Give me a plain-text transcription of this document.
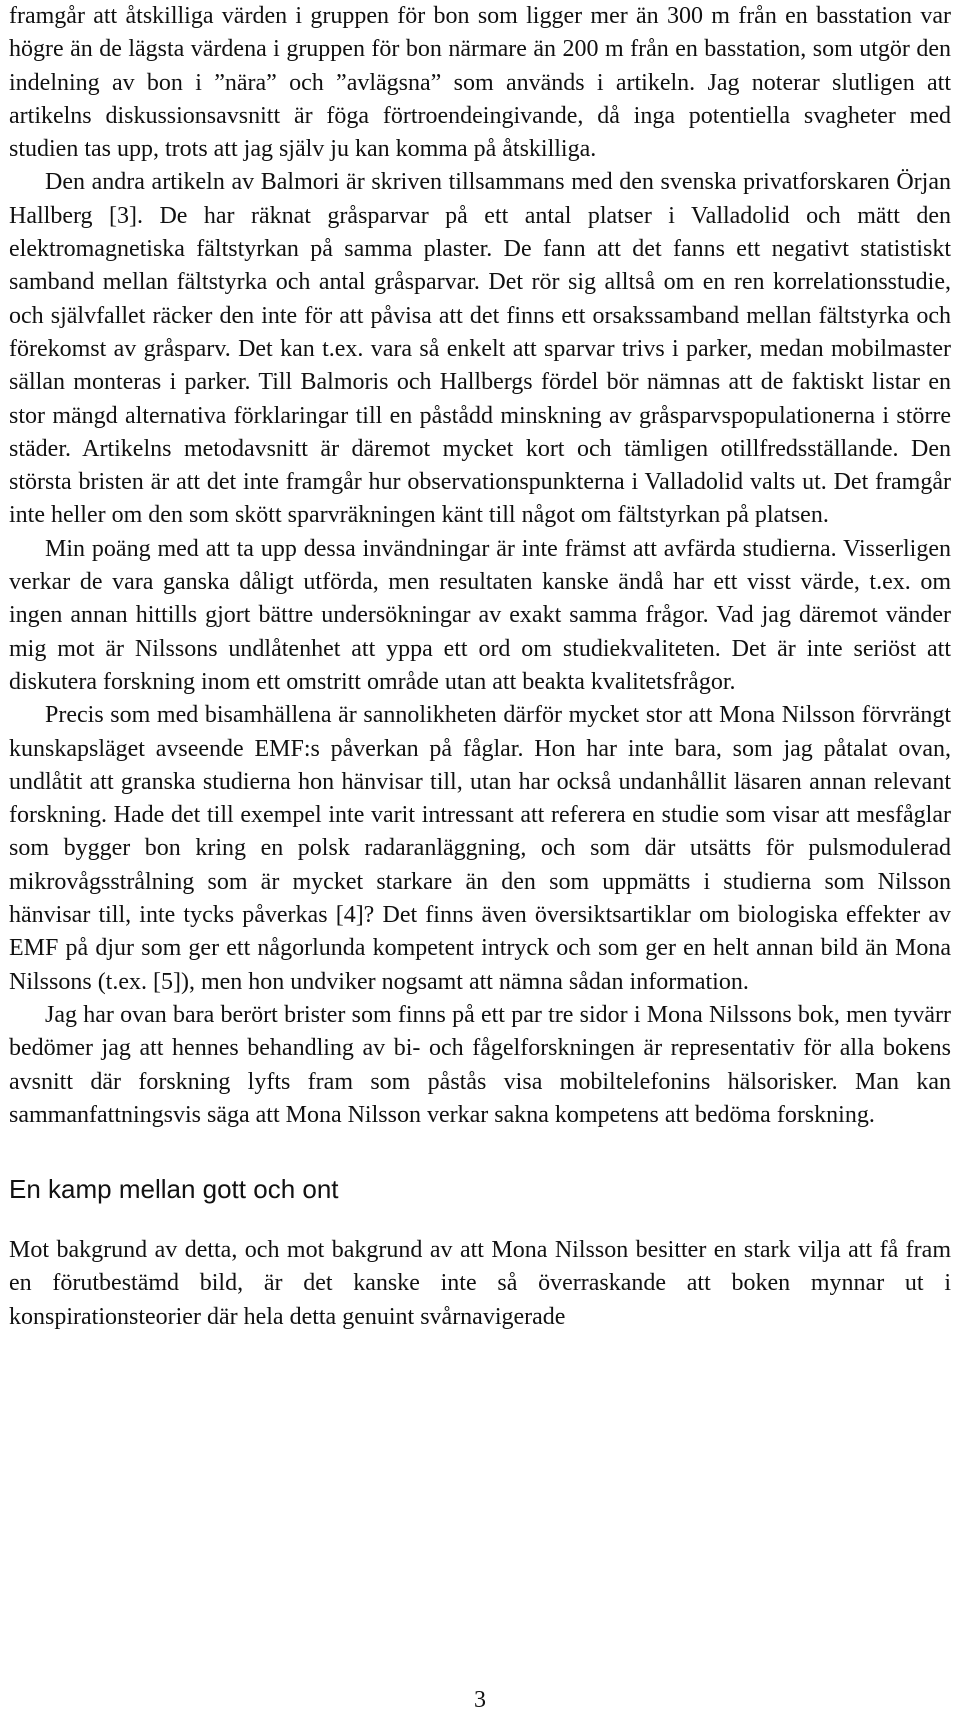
framgår att åtskilliga värden i gruppen för bon som ligger mer än 300 m från en basstation var högre än de lägsta värdena i gruppen för bon närmare än 200 m från en basstation, som utgör den indelning av bon i ”nära” och ”avlägsna” som används i artikeln. Jag noterar slutligen att artikelns diskussionsavsnitt är föga förtroendeingivande, då inga potentiella svagheter med studien tas upp, trots att jag själv ju kan komma på åtskilliga.

Den andra artikeln av Balmori är skriven tillsammans med den svenska privatforskaren Örjan Hallberg [3]. De har räknat gråsparvar på ett antal platser i Valladolid och mätt den elektromagnetiska fältstyrkan på samma plaster. De fann att det fanns ett negativt statistiskt samband mellan fältstyrka och antal gråsparvar. Det rör sig alltså om en ren korrelationsstudie, och självfallet räcker den inte för att påvisa att det finns ett orsakssamband mellan fältstyrka och förekomst av gråsparv. Det kan t.ex. vara så enkelt att sparvar trivs i parker, medan mobilmaster sällan monteras i parker. Till Balmoris och Hallbergs fördel bör nämnas att de faktiskt listar en stor mängd alternativa förklaringar till en påstådd minskning av gråsparvspopulationerna i större städer. Artikelns metodavsnitt är däremot mycket kort och tämligen otillfredsställande. Den största bristen är att det inte framgår hur observationspunkterna i Valladolid valts ut. Det framgår inte heller om den som skött sparvräkningen känt till något om fältstyrkan på platsen.

Min poäng med att ta upp dessa invändningar är inte främst att avfärda studierna. Visserligen verkar de vara ganska dåligt utförda, men resultaten kanske ändå har ett visst värde, t.ex. om ingen annan hittills gjort bättre undersökningar av exakt samma frågor. Vad jag däremot vänder mig mot är Nilssons undlåtenhet att yppa ett ord om studiekvaliteten. Det är inte seriöst att diskutera forskning inom ett omstritt område utan att beakta kvalitetsfrågor.

Precis som med bisamhällena är sannolikheten därför mycket stor att Mona Nilsson förvrängt kunskapsläget avseende EMF:s påverkan på fåglar. Hon har inte bara, som jag påtalat ovan, undlåtit att granska studierna hon hänvisar till, utan har också undanhållit läsaren annan relevant forskning. Hade det till exempel inte varit intressant att referera en studie som visar att mesfåglar som bygger bon kring en polsk radaranläggning, och som där utsätts för pulsmodulerad mikrovågsstrålning som är mycket starkare än den som uppmätts i studierna som Nilsson hänvisar till, inte tycks påverkas [4]? Det finns även översiktsartiklar om biologiska effekter av EMF på djur som ger ett någorlunda kompetent intryck och som ger en helt annan bild än Mona Nilssons (t.ex. [5]), men hon undviker nogsamt att nämna sådan information.

Jag har ovan bara berört brister som finns på ett par tre sidor i Mona Nilssons bok, men tyvärr bedömer jag att hennes behandling av bi- och fågelforskningen är representativ för alla bokens avsnitt där forskning lyfts fram som påstås visa mobiltelefonins hälsorisker. Man kan sammanfattningsvis säga att Mona Nilsson verkar sakna kompetens att bedöma forskning.

En kamp mellan gott och ont

Mot bakgrund av detta, och mot bakgrund av att Mona Nilsson besitter en stark vilja att få fram en förutbestämd bild, är det kanske inte så överraskande att boken mynnar ut i konspirationsteorier där hela detta genuint svårnavigerade

3
